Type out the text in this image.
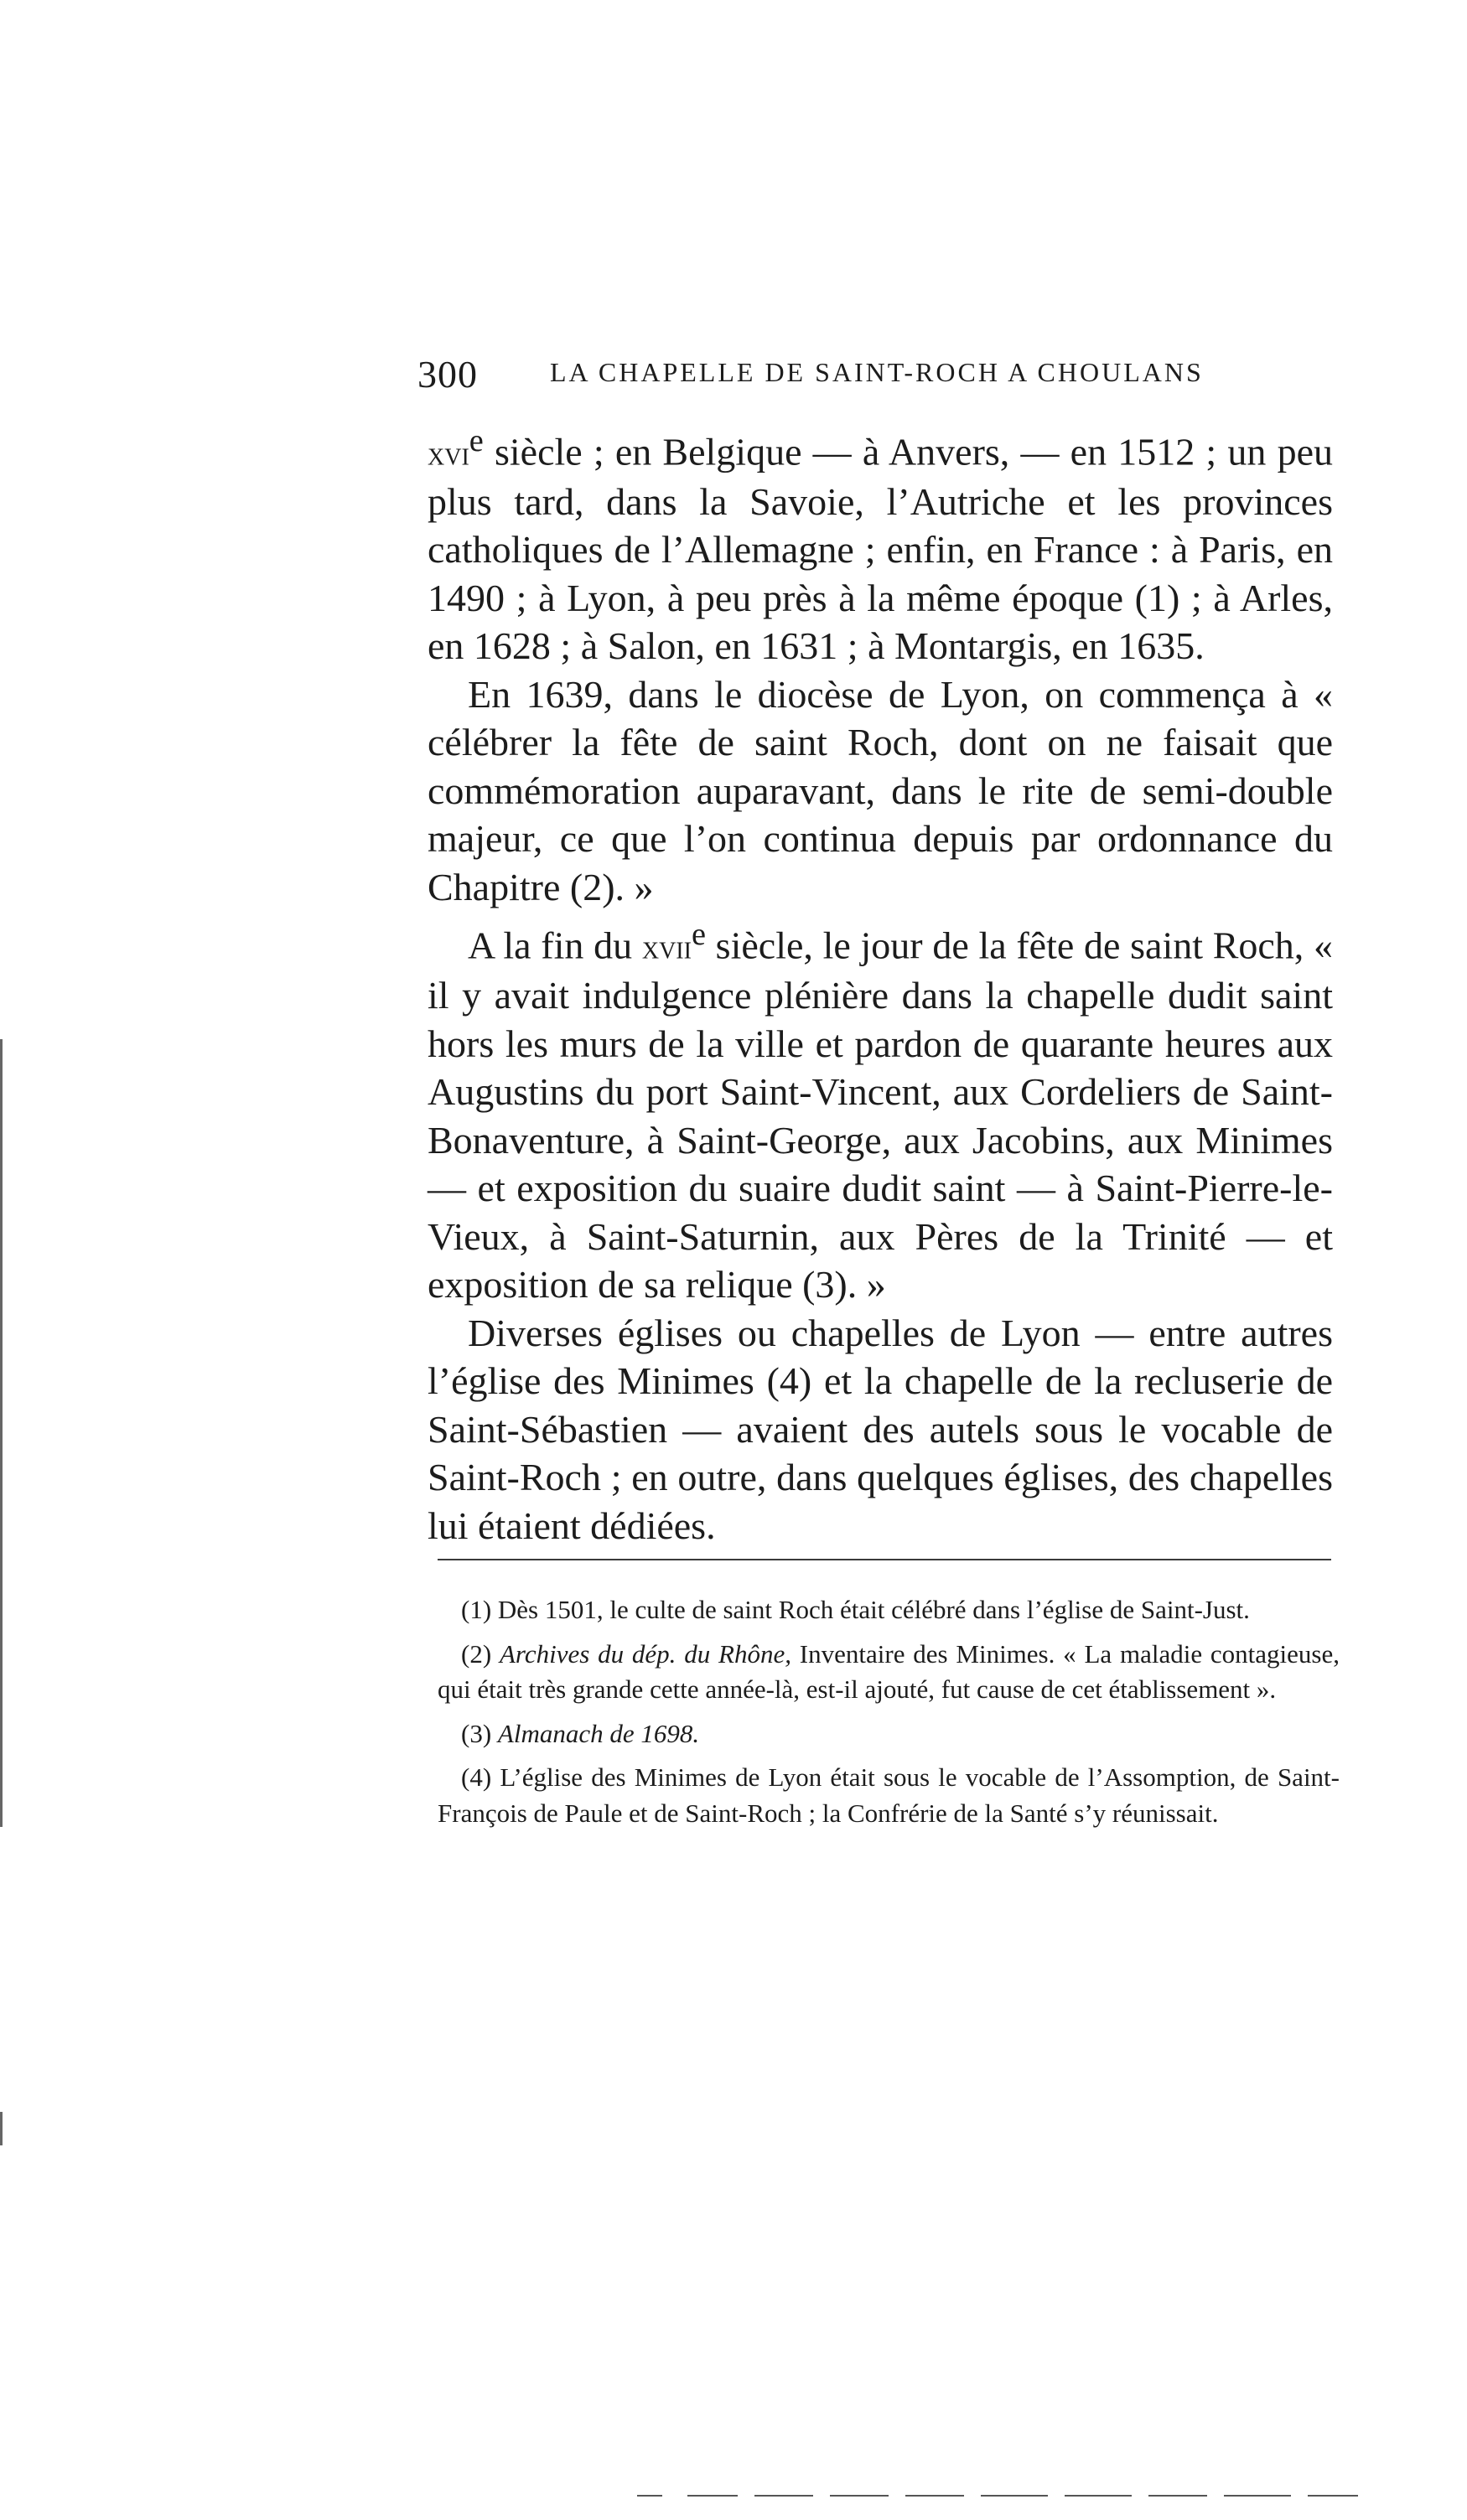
300	LA CHAPELLE DE SAINT-ROCH A CHOULANS

xvi$^e$ siècle ; en Belgique — à Anvers, — en 1512 ; un peu plus tard, dans la Savoie, l’Autriche et les provinces catholiques de l’Allemagne ; enfin, en France : à Paris, en 1490 ; à Lyon, à peu près à la même époque (1) ; à Arles, en 1628 ; à Salon, en 1631 ; à Montargis, en 1635.

En 1639, dans le diocèse de Lyon, on commença à « célébrer la fête de saint Roch, dont on ne faisait que commémoration auparavant, dans le rite de semi-double majeur, ce que l’on continua depuis par ordonnance du Chapitre (2). »

A la fin du xvii$^e$ siècle, le jour de la fête de saint Roch, « il y avait indulgence plénière dans la chapelle dudit saint hors les murs de la ville et pardon de quarante heures aux Augustins du port Saint-Vincent, aux Cordeliers de Saint-Bonaventure, à Saint-George, aux Jacobins, aux Minimes — et exposition du suaire dudit saint — à Saint-Pierre-le-Vieux, à Saint-Saturnin, aux Pères de la Trinité — et exposition de sa relique (3). »

Diverses églises ou chapelles de Lyon — entre autres l’église des Minimes (4) et la chapelle de la recluserie de Saint-Sébastien — avaient des autels sous le vocable de Saint-Roch ; en outre, dans quelques églises, des chapelles lui étaient dédiées.

(1) Dès 1501, le culte de saint Roch était célébré dans l’église de Saint-Just.

(2) Archives du dép. du Rhône, Inventaire des Minimes. « La maladie contagieuse, qui était très grande cette année-là, est-il ajouté, fut cause de cet établissement ».

(3) Almanach de 1698.

(4) L’église des Minimes de Lyon était sous le vocable de l’Assomption, de Saint-François de Paule et de Saint-Roch ; la Confrérie de la Santé s’y réunissait.
